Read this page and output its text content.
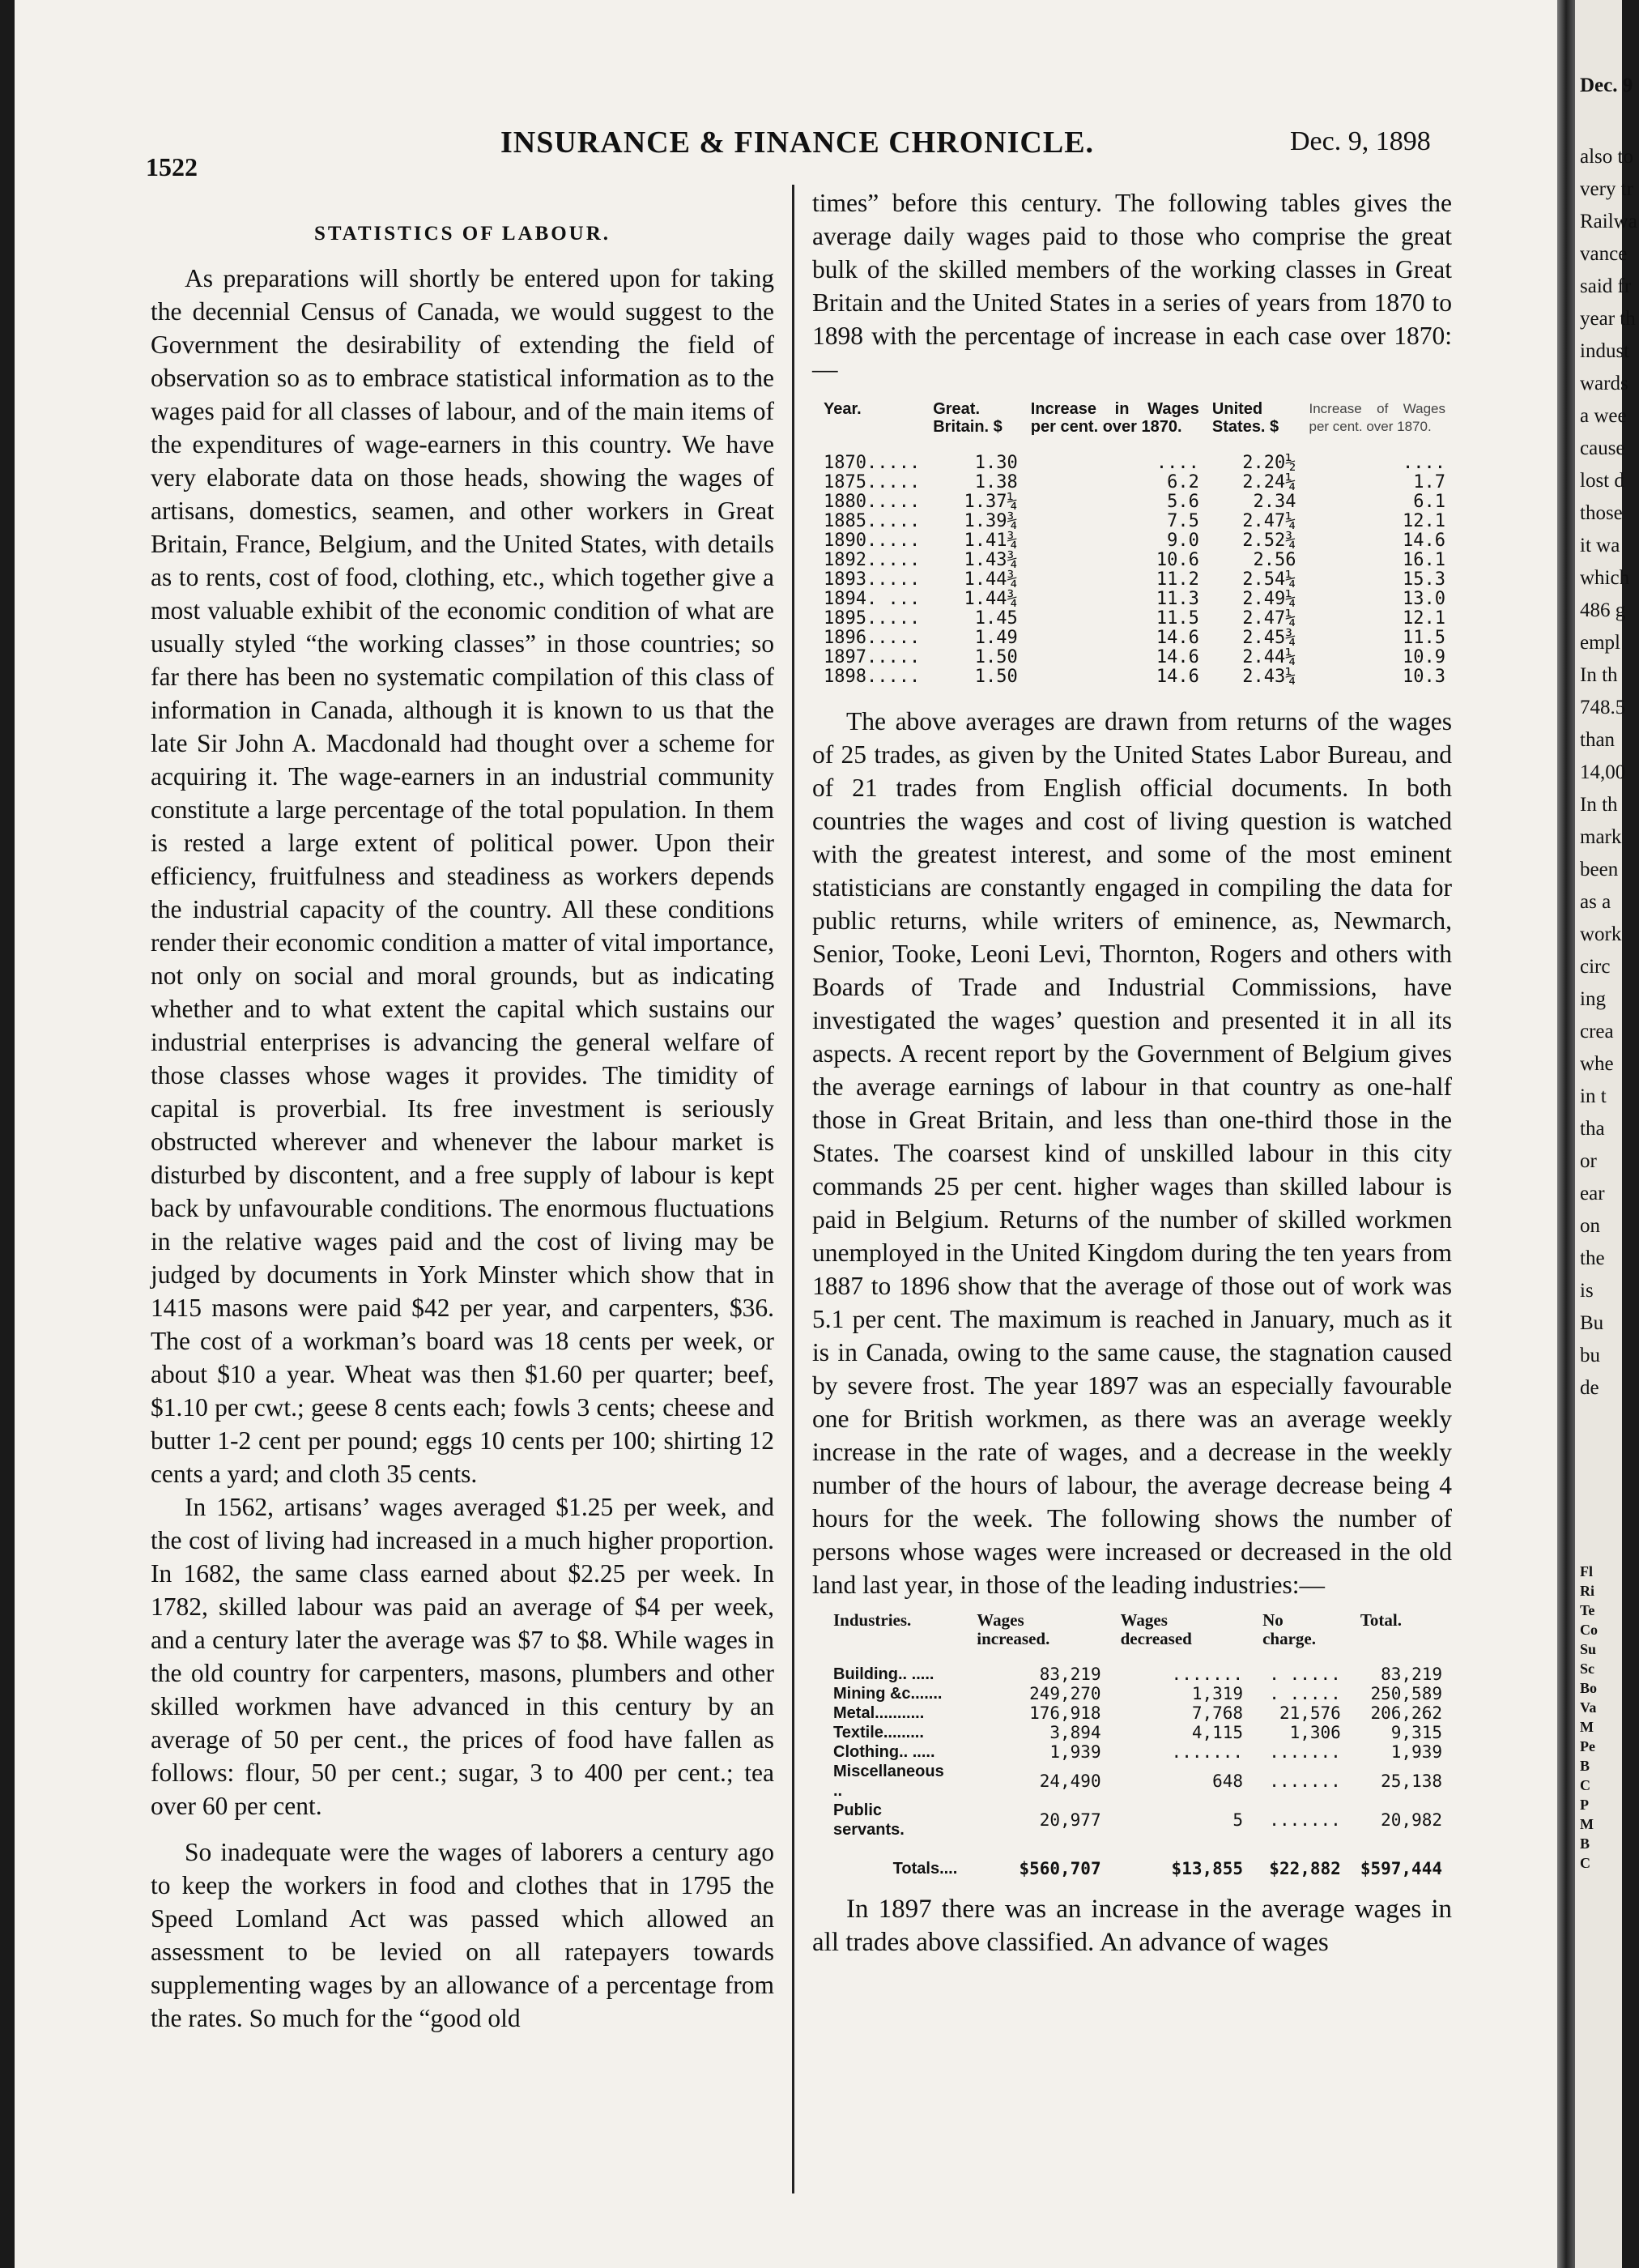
1522
INSURANCE & FINANCE CHRONICLE.	Dec. 9, 1898
STATISTICS OF LABOUR.

As preparations will shortly be entered upon for taking the decennial Census of Canada, we would suggest to the Government the desirability of extending the field of observation so as to embrace statistical information as to the wages paid for all classes of labour, and of the main items of the expenditures of wage-earners in this country. We have very elaborate data on those heads, showing the wages of artisans, domestics, seamen, and other workers in Great Britain, France, Belgium, and the United States, with details as to rents, cost of food, clothing, etc., which together give a most valuable exhibit of the economic condition of what are usually styled “the working classes” in those countries; so far there has been no systematic compilation of this class of information in Canada, although it is known to us that the late Sir John A. Macdonald had thought over a scheme for acquiring it. The wage-earners in an industrial community constitute a large percentage of the total population. In them is rested a large extent of political power. Upon their efficiency, fruitfulness and steadiness as workers depends the industrial capacity of the country. All these conditions render their economic condition a matter of vital importance, not only on social and moral grounds, but as indicating whether and to what extent the capital which sustains our industrial enterprises is advancing the general welfare of those classes whose wages it provides. The timidity of capital is proverbial. Its free investment is seriously obstructed wherever and whenever the labour market is disturbed by discontent, and a free supply of labour is kept back by unfavourable conditions. The enormous fluctuations in the relative wages paid and the cost of living may be judged by documents in York Minster which show that in 1415 masons were paid $42 per year, and carpenters, $36. The cost of a workman’s board was 18 cents per week, or about $10 a year. Wheat was then $1.60 per quarter; beef, $1.10 per cwt.; geese 8 cents each; fowls 3 cents; cheese and butter 1-2 cent per pound; eggs 10 cents per 100; shirting 12 cents a yard; and cloth 35 cents.

In 1562, artisans’ wages averaged $1.25 per week, and the cost of living had increased in a much higher proportion. In 1682, the same class earned about $2.25 per week. In 1782, skilled labour was paid an average of $4 per week, and a century later the average was $7 to $8. While wages in the old country for carpenters, masons, plumbers and other skilled workmen have advanced in this century by an average of 50 per cent., the prices of food have fallen as follows: flour, 50 per cent.; sugar, 3 to 400 per cent.; tea over 60 per cent.

So inadequate were the wages of laborers a century ago to keep the workers in food and clothes that in 1795 the Speed Lomland Act was passed which allowed an assessment to be levied on all ratepayers towards supplementing wages by an allowance of a percentage from the rates. So much for the “good old

times” before this century. The following tables gives the average daily wages paid to those who comprise the great bulk of the skilled members of the working classes in Great Britain and the United States in a series of years from 1870 to 1898 with the percentage of increase in each case over 1870:—

Year.	Great. Britain. $	Increase in Wages per cent. over 1870.	United States. $	Increase of Wages per cent. over 1870.
1870.....	1.30	....	2.20½	....
1875.....	1.38	6.2	2.24¼	1.7
1880.....	1.37¼	5.6	2.34	6.1
1885.....	1.39¾	7.5	2.47¼	12.1
1890.....	1.41¾	9.0	2.52¾	14.6
1892.....	1.43¾	10.6	2.56	16.1
1893.....	1.44¾	11.2	2.54¼	15.3
1894. ...	1.44¾	11.3	2.49¼	13.0
1895.....	1.45	11.5	2.47¼	12.1
1896.....	1.49	14.6	2.45¾	11.5
1897.....	1.50	14.6	2.44¼	10.9
1898.....	1.50	14.6	2.43¼	10.3

The above averages are drawn from returns of the wages of 25 trades, as given by the United States Labor Bureau, and of 21 trades from English official documents. In both countries the wages and cost of living question is watched with the greatest interest, and some of the most eminent statisticians are constantly engaged in compiling the data for public returns, while writers of eminence, as, Newmarch, Senior, Tooke, Leoni Levi, Thornton, Rogers and others with Boards of Trade and Industrial Commissions, have investigated the wages’ question and presented it in all its aspects. A recent report by the Government of Belgium gives the average earnings of labour in that country as one-half those in Great Britain, and less than one-third those in the States. The coarsest kind of unskilled labour in this city commands 25 per cent. higher wages than skilled labour is paid in Belgium. Returns of the number of skilled workmen unemployed in the United Kingdom during the ten years from 1887 to 1896 show that the average of those out of work was 5.1 per cent. The maximum is reached in January, much as it is in Canada, owing to the same cause, the stagnation caused by severe frost. The year 1897 was an especially favourable one for British workmen, as there was an average weekly increase in the rate of wages, and a decrease in the weekly number of the hours of labour, the average decrease being 4 hours for the week. The following shows the number of persons whose wages were increased or decreased in the old land last year, in those of the leading industries:—

Industries.	Wages increased.	Wages decreased	No charge.	Total.
Building.. .....	83,219	.......	. .....	83,219
Mining &c.......	249,270	1,319	. .....	250,589
Metal...........	176,918	7,768	21,576	206,262
Textile.........	3,894	4,115	1,306	9,315
Clothing.. .....	1,939	.......	.......	1,939
Miscellaneous ..	24,490	648	.......	25,138
Public servants.	20,977	5	.......	20,982
Totals....	$560,707	$13,855	$22,882	$597,444

In 1897 there was an increase in the average wages in all trades above classified. An advance of wages

Dec. 9
also to
very tr
Railwa
vance
said fr
year th
indust
wards
a wee
cause
lost d
those
it wa
which
486 g
empl
In th
748.5
than
14,00
In th
mark
been
as a
work
circ
ing
crea
whe
in t
tha
or
ear
on
the
is
Bu
bu
de
Fl
Ri
Te
Co
Su
Sc
Bo
Va
M
Pe
B
C
P
M
B
C
